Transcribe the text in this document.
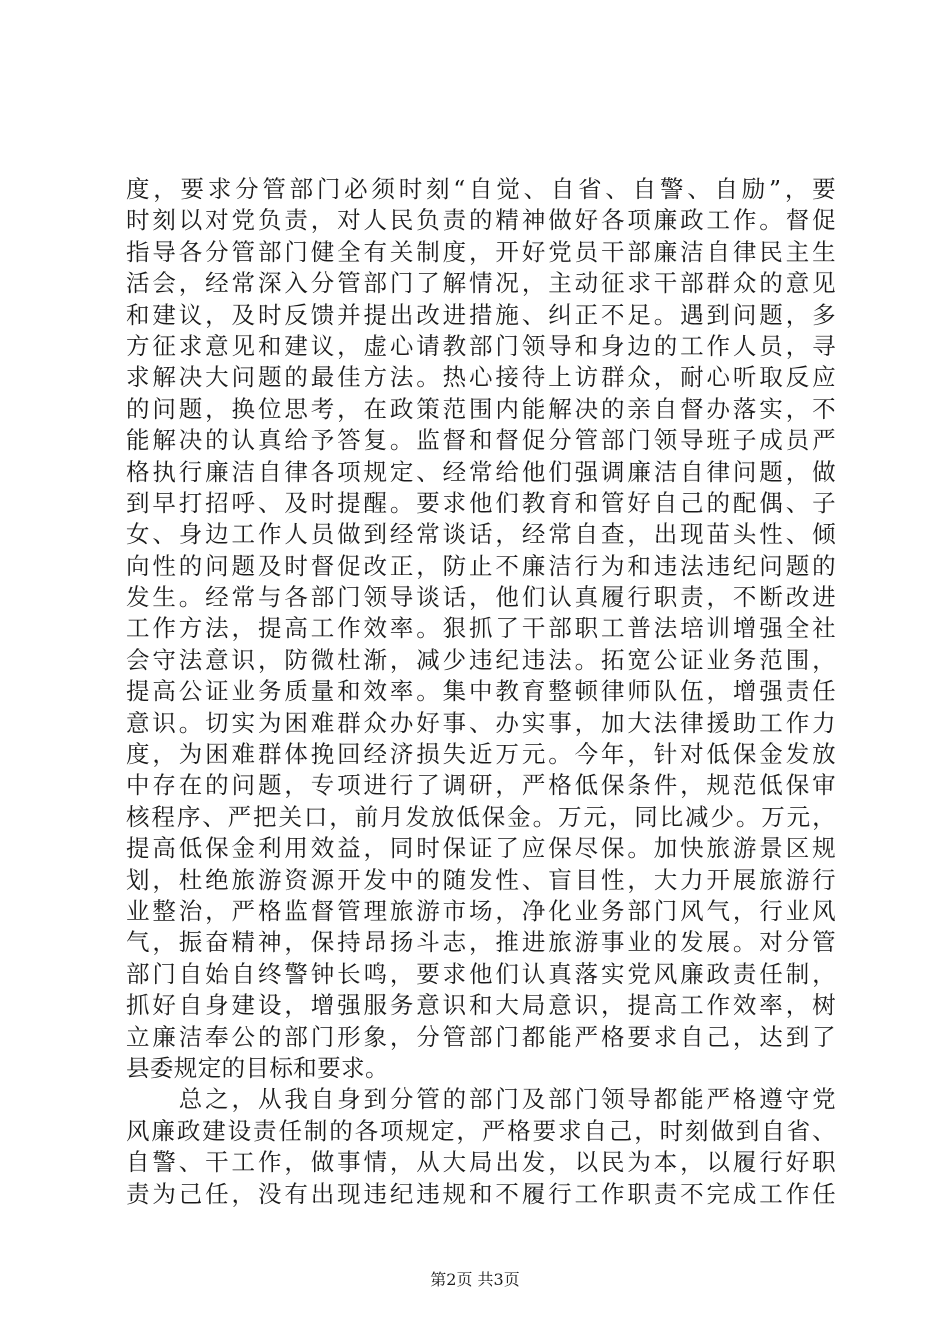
度，要求分管部门必须时刻“自觉、自省、自警、自励”，要
时刻以对党负责，对人民负责的精神做好各项廉政工作。督促
指导各分管部门健全有关制度，开好党员干部廉洁自律民主生
活会，经常深入分管部门了解情况，主动征求干部群众的意见
和建议，及时反馈并提出改进措施、纠正不足。遇到问题，多
方征求意见和建议，虚心请教部门领导和身边的工作人员，寻
求解决大问题的最佳方法。热心接待上访群众，耐心听取反应
的问题，换位思考，在政策范围内能解决的亲自督办落实，不
能解决的认真给予答复。监督和督促分管部门领导班子成员严
格执行廉洁自律各项规定、经常给他们强调廉洁自律问题，做
到早打招呼、及时提醒。要求他们教育和管好自己的配偶、子
女、身边工作人员做到经常谈话，经常自查，出现苗头性、倾
向性的问题及时督促改正，防止不廉洁行为和违法违纪问题的
发生。经常与各部门领导谈话，他们认真履行职责，不断改进
工作方法，提高工作效率。狠抓了干部职工普法培训增强全社
会守法意识，防微杜渐，减少违纪违法。拓宽公证业务范围，
提高公证业务质量和效率。集中教育整顿律师队伍，增强责任
意识。切实为困难群众办好事、办实事，加大法律援助工作力
度，为困难群体挽回经济损失近万元。今年，针对低保金发放
中存在的问题，专项进行了调研，严格低保条件，规范低保审
核程序、严把关口，前月发放低保金。万元，同比减少。万元，
提高低保金利用效益，同时保证了应保尽保。加快旅游景区规
划，杜绝旅游资源开发中的随发性、盲目性，大力开展旅游行
业整治，严格监督管理旅游市场，净化业务部门风气，行业风
气，振奋精神，保持昂扬斗志，推进旅游事业的发展。对分管
部门自始自终警钟长鸣，要求他们认真落实党风廉政责任制，
抓好自身建设，增强服务意识和大局意识，提高工作效率，树
立廉洁奉公的部门形象，分管部门都能严格要求自己，达到了
县委规定的目标和要求。
　　总之，从我自身到分管的部门及部门领导都能严格遵守党
风廉政建设责任制的各项规定，严格要求自己，时刻做到自省、
自警、干工作，做事情，从大局出发，以民为本，以履行好职
责为己任，没有出现违纪违规和不履行工作职责不完成工作任
第2页 共3页
